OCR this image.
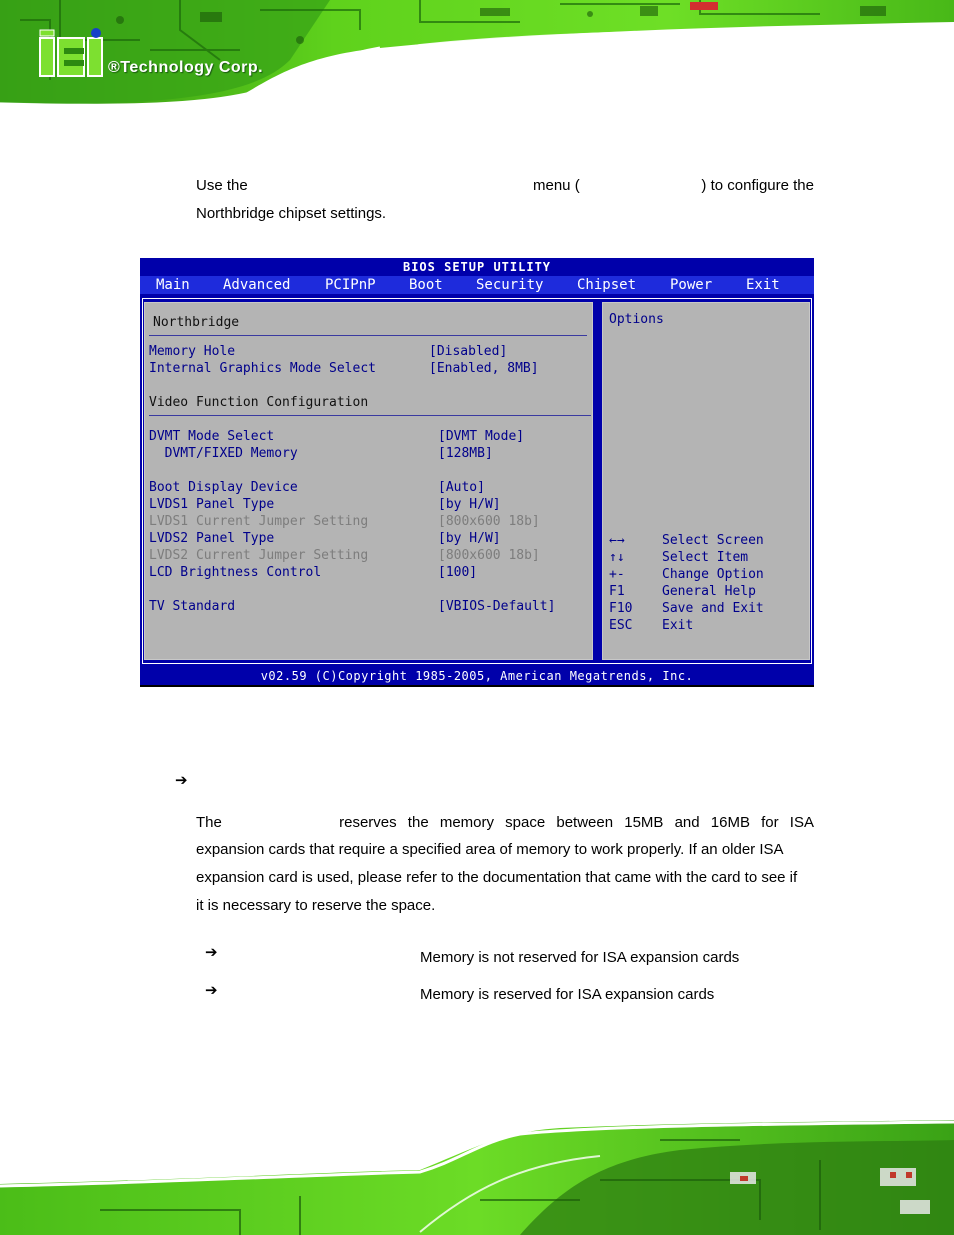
®Technology Corp.
Use the	menu (	) to configure the
Northbridge chipset settings.
BIOS SETUP UTILITY
Main Advanced PCIPnP Boot Security Chipset Power Exit
Northbridge
Memory Hole	[Disabled]
Internal Graphics Mode Select	[Enabled, 8MB]
Video Function Configuration
DVMT Mode Select	[DVMT Mode]
DVMT/FIXED Memory	[128MB]
Boot Display Device	[Auto]
LVDS1 Panel Type	[by H/W]
LVDS1 Current Jumper Setting	[800x600 18b]
LVDS2 Panel Type	[by H/W]
LVDS2 Current Jumper Setting	[800x600 18b]
LCD Brightness Control	[100]
TV Standard	[VBIOS-Default]
Options
←→	Select Screen
↑↓	Select Item
+-	Change Option
F1	General Help
F10 Save and Exit
ESC Exit
v02.59 (C)Copyright 1985-2005, American Megatrends, Inc.
➔
The	reserves the memory space between 15MB and 16MB for ISA
expansion cards that require a specified area of memory to work properly. If an older ISA
expansion card is used, please refer to the documentation that came with the card to see if
it is necessary to reserve the space.
➔	Memory is not reserved for ISA expansion cards
➔	Memory is reserved for ISA expansion cards
